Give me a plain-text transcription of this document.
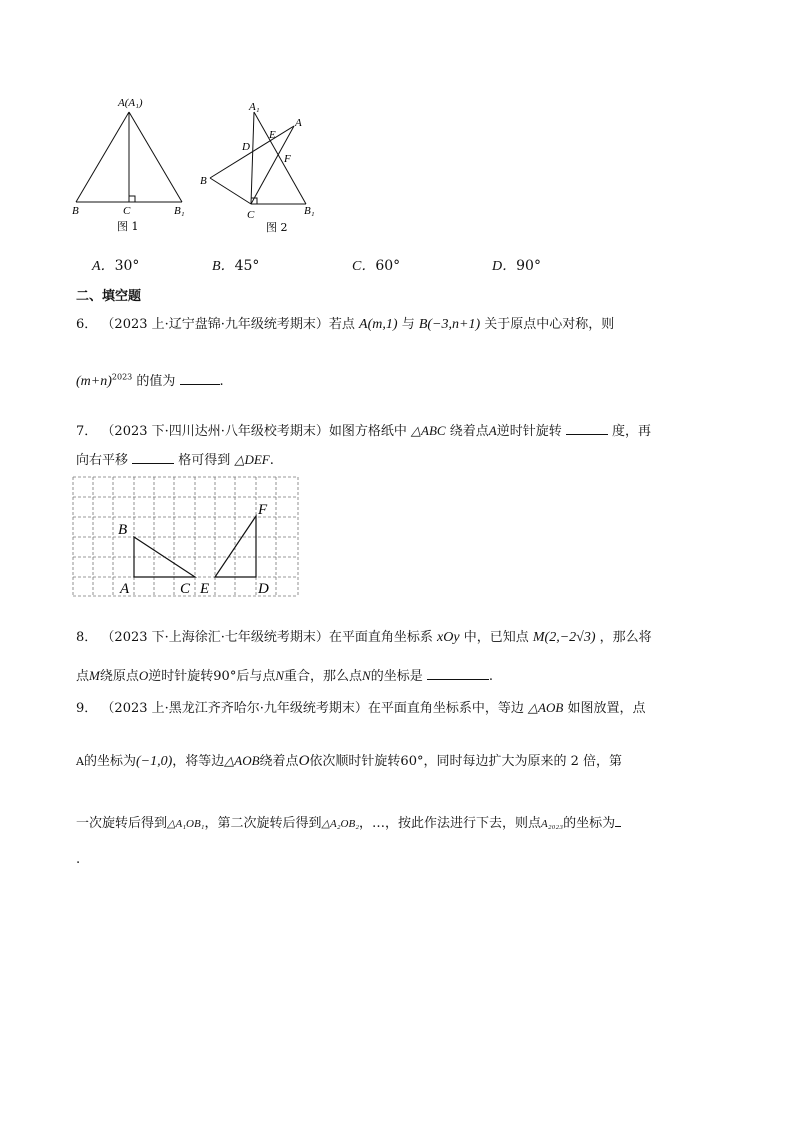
A(A₁)
B	C	B₁
图 1
A₁
A
D
E
F
B
C	B₁
图 2
A．30°	B．45°	C．60°	D．90°
二、填空题
6． （2023 上·辽宁盘锦·九年级统考期末）若点 A(m,1) 与 B(−3,n+1) 关于原点中心对称，则
$(m+n)^{2023}$ 的值为	.
7． （2023 下·四川达州·八年级校考期末）如图方格纸中 △ABC 绕着点A逆时针旋转	度，再
向右平移	格可得到 △DEF.
B
F
A	C E	D
8． （2023 下·上海徐汇·七年级统考期末）在平面直角坐标系 xOy 中，已知点 M(2,−2√3) ，那么将
点M绕原点O逆时针旋转90°后与点N重合，那么点N的坐标是	.
9． （2023 上·黑龙江齐齐哈尔·九年级统考期末）在平面直角坐标系中，等边 △AOB 如图放置，点
A的坐标为(−1,0)，将等边△AOB绕着点O依次顺时针旋转60°，同时每边扩大为原来的 2 倍，第
一次旋转后得到△A₁OB₁，第二次旋转后得到△A₂OB₂，…，按此作法进行下去，则点A₂₀₂₃的坐标为
.
